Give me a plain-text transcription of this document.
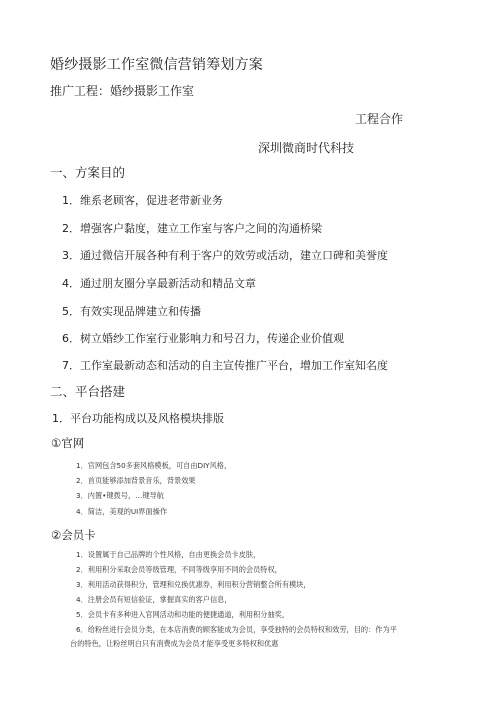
婚纱摄影工作室微信营销筹划方案
推广工程：婚纱摄影工作室
工程合作
深圳微商时代科技
一、方案目的
1．维系老顾客，促进老带新业务
2．增强客户黏度，建立工作室与客户之间的沟通桥梁
3．通过微信开展各种有利于客户的效劳或活动，建立口碑和美誉度
4．通过朋友圈分享最新活动和精品文章
5．有效实现品牌建立和传播
6．树立婚纱工作室行业影响力和号召力，传递企业价值观
7．工作室最新动态和活动的自主宣传推广平台，增加工作室知名度
二、平台搭建
1．平台功能构成以及风格模块排版
①官网
1．官网包含50多套风格模板，可自由DIY风格，
2．首页能够添加背景音乐，背景效果
3．内置•键拨号，…键导航
4．简洁，美观的UI界面操作
②会员卡
1．设置属于自己品牌的个性风格，自由更换会员卡皮肤，
2．利用积分采取会员等级管理，不同等级享用不同的会员特权，
3．利用活动获得积分，管理和兑换优惠券，利用积分营销整合所有模块，
4．注册会员有短信验证，掌握真实的客户信息，
5．会员卡有多种进入官网活动和功能的便捷通道，利用积分抽奖，
6．给粉丝进行会员分类，在本店消费的顾客能成为会员，享受独特的会员特权和效劳，目的：作为平
台的特色，让粉丝明白只有消费成为会员才能享受更多特权和优惠
